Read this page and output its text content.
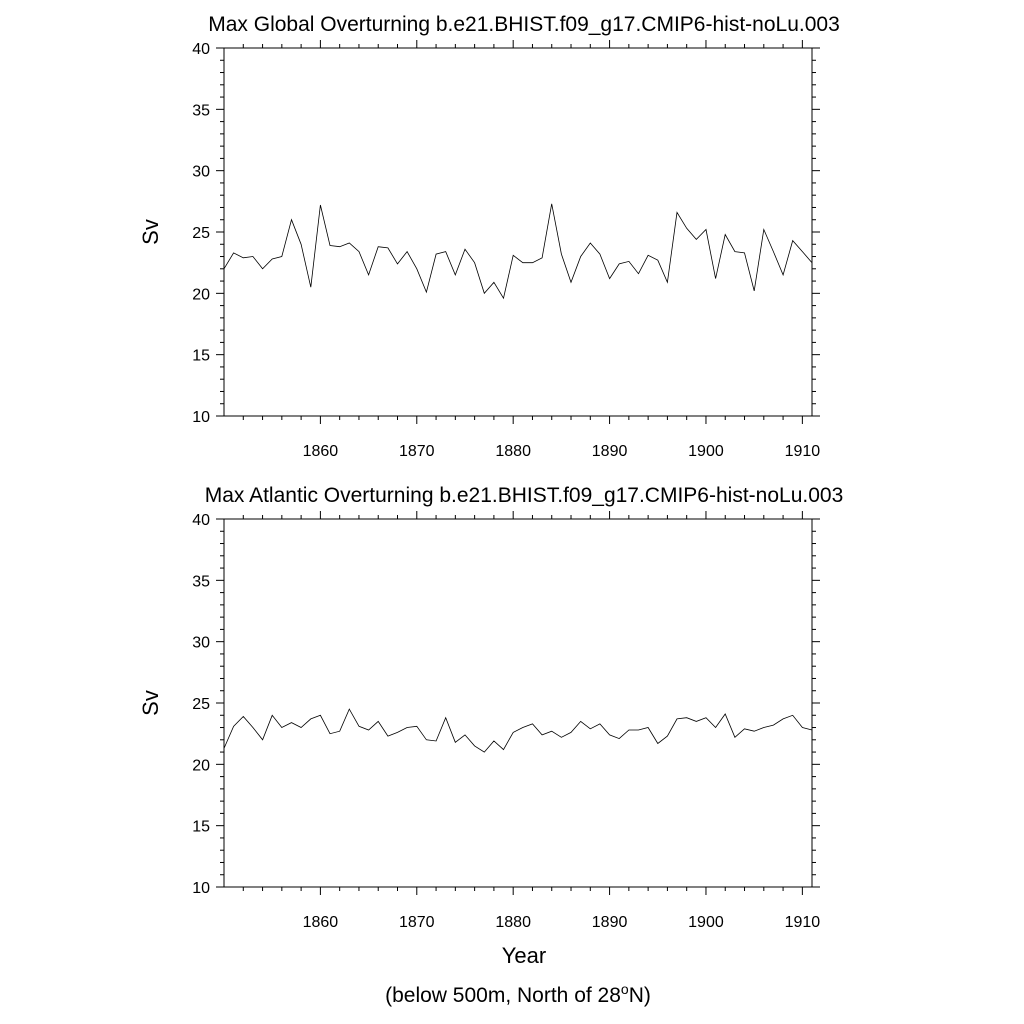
Max Global Overturning b.e21.BHIST.f09_g17.CMIP6-hist-noLu.003
10
15
20
25
30
35
40
1860	1870	1880	1890	1900	1910
Sv
Max Atlantic Overturning b.e21.BHIST.f09_g17.CMIP6-hist-noLu.003
10
15
20
25
30
35
40
1860	1870	1880	1890	1900	1910
Sv
Year
(below 500m, North of 28$^o$N)
